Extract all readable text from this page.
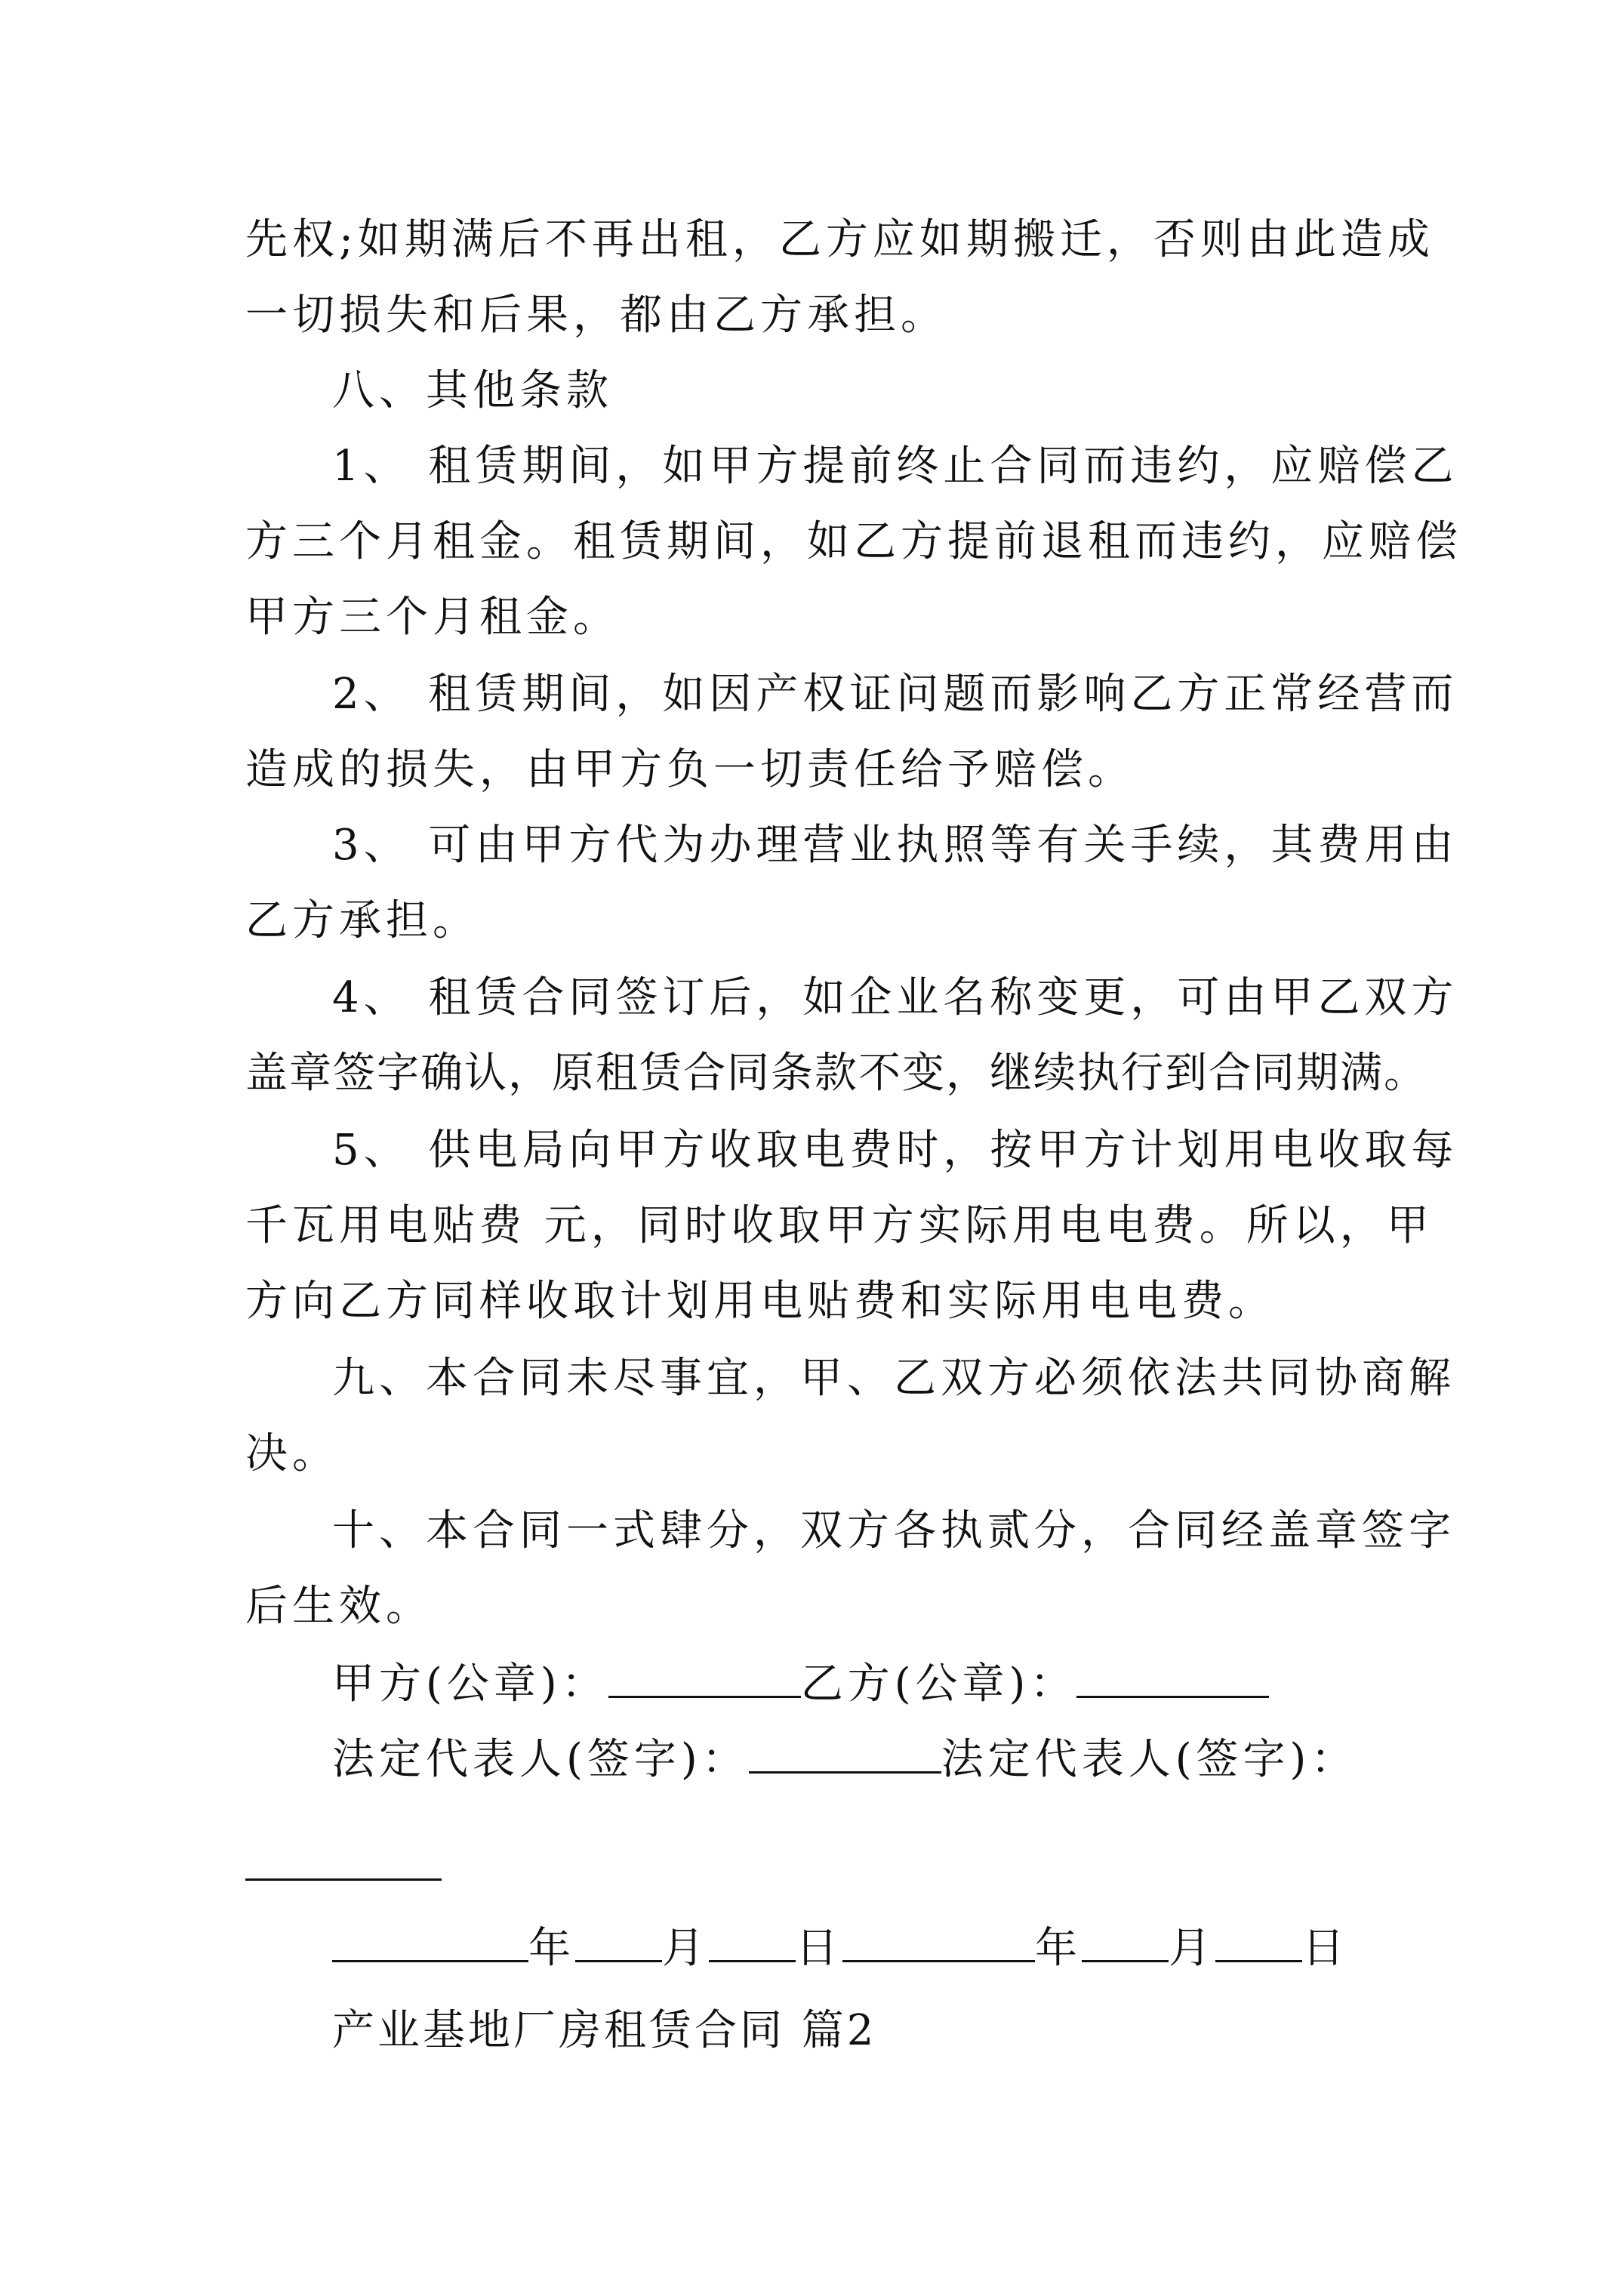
先权;如期满后不再出租，乙方应如期搬迁，否则由此造成
一切损失和后果，都由乙方承担。
八、其他条款
1、 租赁期间，如甲方提前终止合同而违约，应赔偿乙
方三个月租金。租赁期间，如乙方提前退租而违约，应赔偿
甲方三个月租金。
2、 租赁期间，如因产权证问题而影响乙方正常经营而
造成的损失，由甲方负一切责任给予赔偿。
3、 可由甲方代为办理营业执照等有关手续，其费用由
乙方承担。
4、 租赁合同签订后，如企业名称变更，可由甲乙双方
盖章签字确认，原租赁合同条款不变，继续执行到合同期满。
5、 供电局向甲方收取电费时，按甲方计划用电收取每
千瓦用电贴费 元，同时收取甲方实际用电电费。所以，甲
方向乙方同样收取计划用电贴费和实际用电电费。
九、本合同未尽事宜，甲、乙双方必须依法共同协商解
决。
十、本合同一式肆分，双方各执贰分，合同经盖章签字
后生效。
甲方(公章)：	乙方(公章)：
法定代表人(签字)：	法定代表人(签字)：
年 月 日	年 月 日
产业基地厂房租赁合同 篇2
